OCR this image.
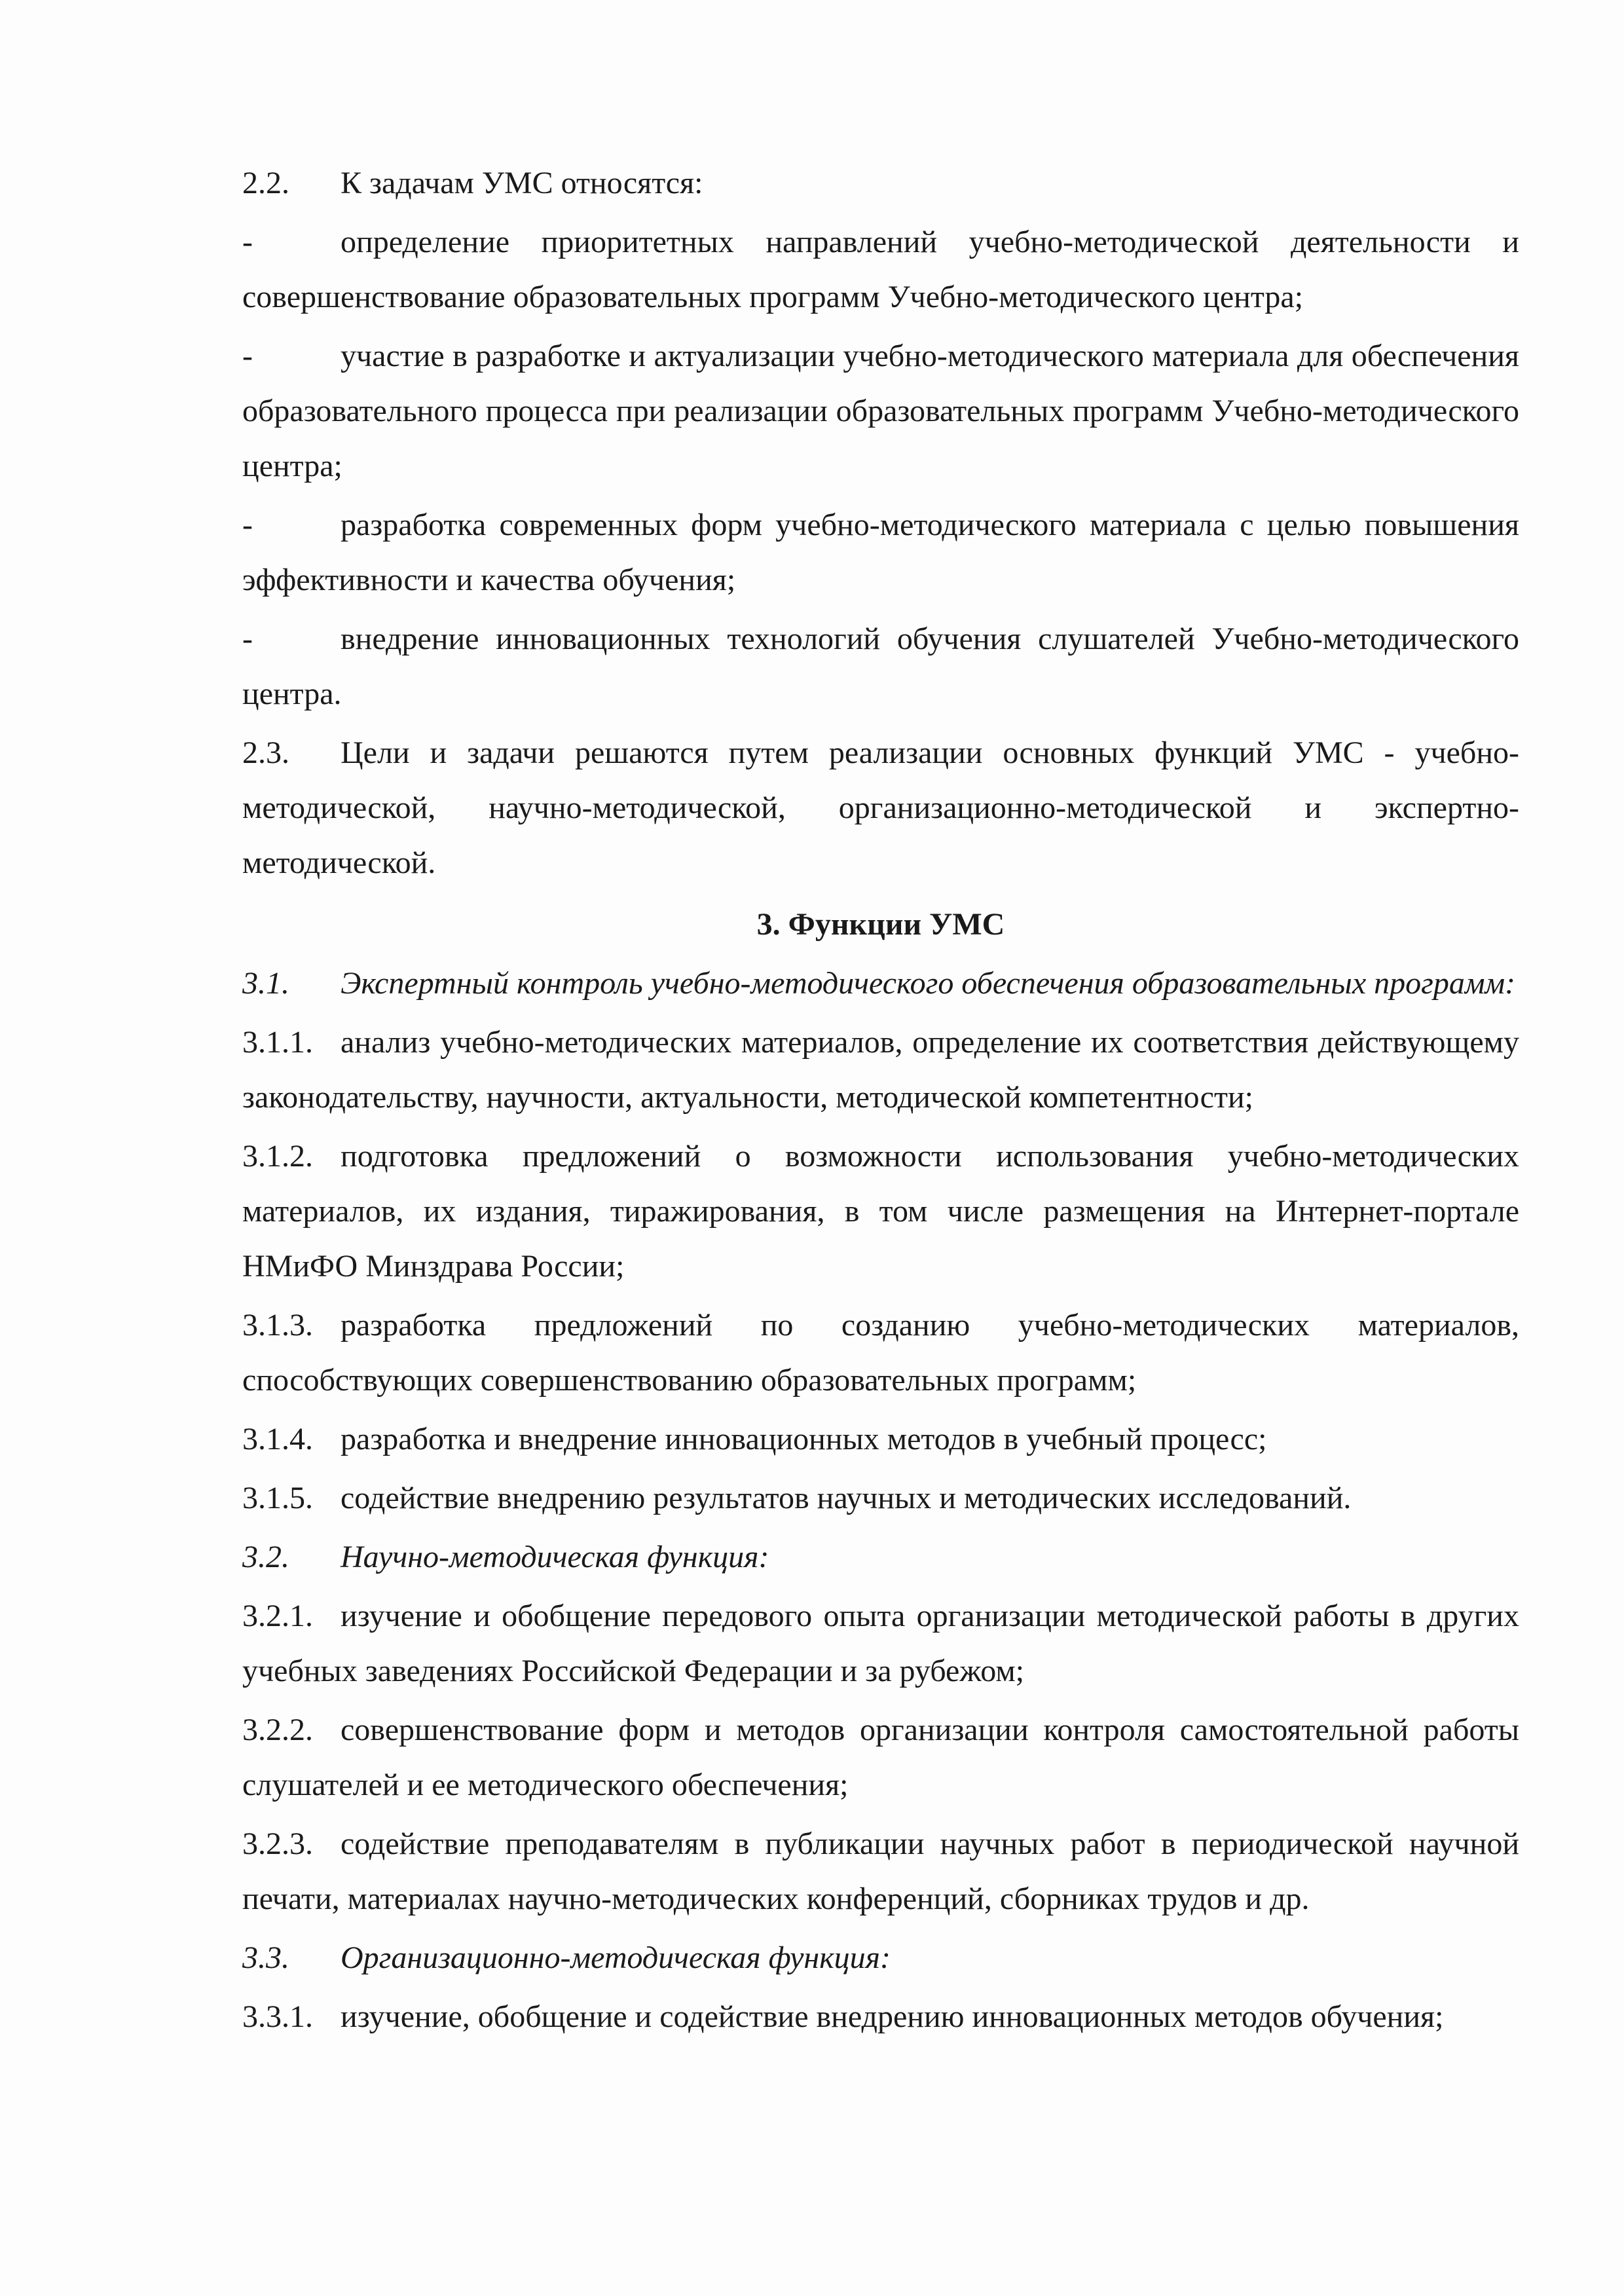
2.2. К задачам УМС относятся:

-	определение приоритетных направлений учебно-методической деятельности и совершенствование образовательных программ Учебно-методического центра;

-	участие в разработке и актуализации учебно-методического материала для обеспечения образовательного процесса при реализации образовательных программ Учебно-методического центра;

-	разработка современных форм учебно-методического материала с целью повышения эффективности и качества обучения;

-	внедрение инновационных технологий обучения слушателей Учебно-методического центра.

2.3. Цели и задачи решаются путем реализации основных функций УМС - учебно-методической, научно-методической, организационно-методической и экспертно-методической.

3. Функции УМС

3.1. Экспертный контроль учебно-методического обеспечения образовательных программ:

3.1.1. анализ учебно-методических материалов, определение их соответствия действующему законодательству, научности, актуальности, методической компетентности;

3.1.2. подготовка предложений о возможности использования учебно-методических материалов, их издания, тиражирования, в том числе размещения на Интернет-портале НМиФО Минздрава России;

3.1.3. разработка предложений по созданию учебно-методических материалов, способствующих совершенствованию образовательных программ;

3.1.4. разработка и внедрение инновационных методов в учебный процесс;

3.1.5. содействие внедрению результатов научных и методических исследований.

3.2. Научно-методическая функция:

3.2.1. изучение и обобщение передового опыта организации методической работы в других учебных заведениях Российской Федерации и за рубежом;

3.2.2. совершенствование форм и методов организации контроля самостоятельной работы слушателей и ее методического обеспечения;

3.2.3. содействие преподавателям в публикации научных работ в периодической научной печати, материалах научно-методических конференций, сборниках трудов и др.

3.3. Организационно-методическая функция:

3.3.1. изучение, обобщение и содействие внедрению инновационных методов обучения;
